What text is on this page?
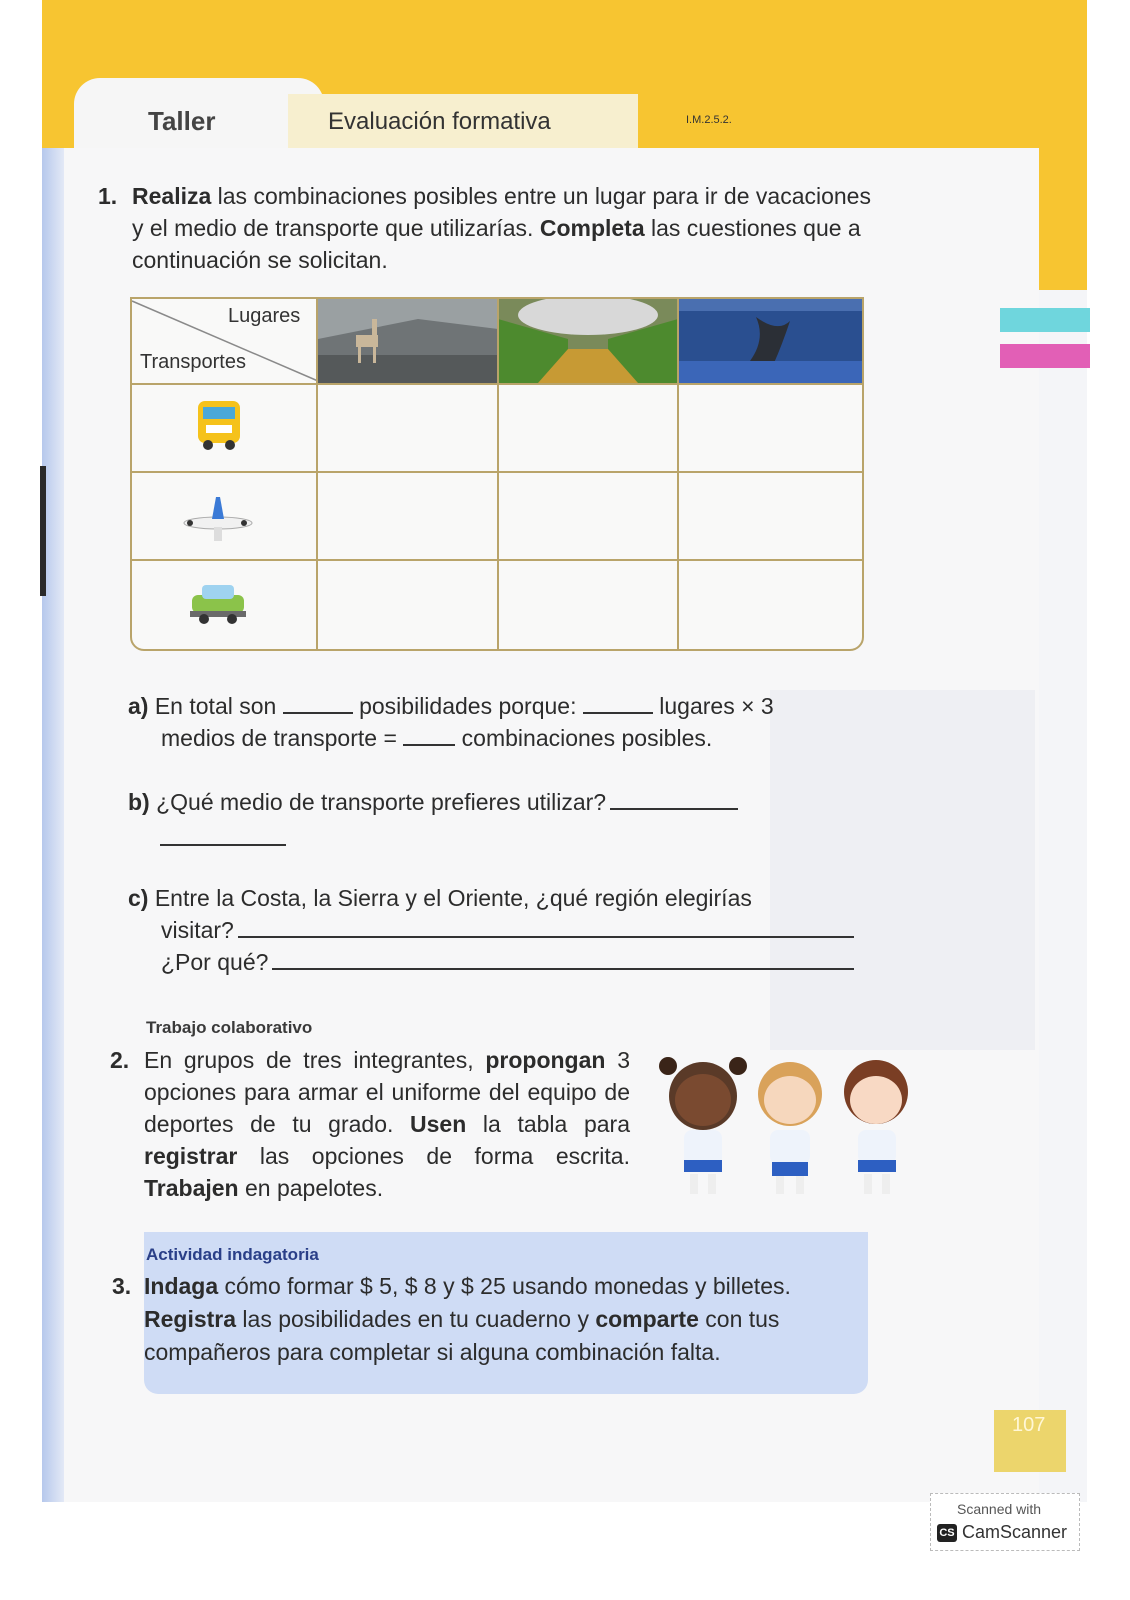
Taller	Evaluación formativa	I.M.2.5.2.
1. Realiza las combinaciones posibles entre un lugar para ir de vacaciones y el medio de transporte que utilizarías. Completa las cuestiones que a continuación se solicitan.
Lugares
Transportes
a) En total son	posibilidades porque:	lugares × 3
medios de transporte =  combinaciones posibles.
b) ¿Qué medio de transporte prefieres utilizar?
c) Entre la Costa, la Sierra y el Oriente, ¿qué región elegirías
visitar?
¿Por qué?
Trabajo colaborativo
2. En grupos de tres integrantes, propongan 3 opciones para armar el uniforme del equipo de deportes de tu grado. Usen la tabla para registrar las opciones de forma escrita. Trabajen en papelotes.
Actividad indagatoria
3. Indaga cómo formar $ 5, $ 8 y $ 25 usando monedas y billetes. Registra las posibilidades en tu cuaderno y comparte con tus compañeros para completar si alguna combinación falta.
107
Scanned with
CS CamScanner
